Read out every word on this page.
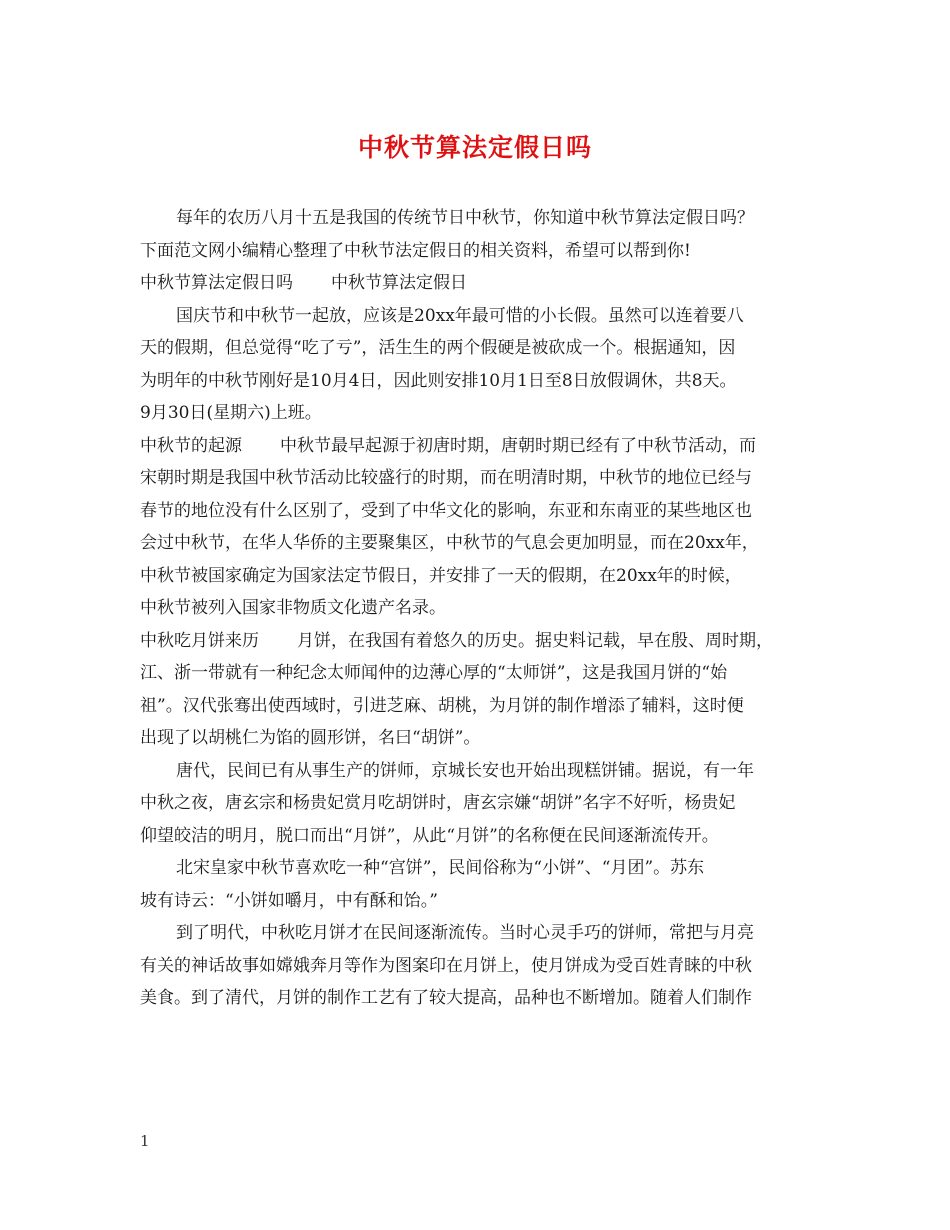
中秋节算法定假日吗
每年的农历八月十五是我国的传统节日中秋节，你知道中秋节算法定假日吗？
下面范文网小编精心整理了中秋节法定假日的相关资料，希望可以帮到你!
中秋节算法定假日吗 中秋节算法定假日
国庆节和中秋节一起放，应该是20xx年最可惜的小长假。虽然可以连着要八
天的假期，但总觉得“吃了亏”，活生生的两个假硬是被砍成一个。根据通知，因
为明年的中秋节刚好是10月4日，因此则安排10月1日至8日放假调休，共8天。
9月30日(星期六)上班。
中秋节的起源 中秋节最早起源于初唐时期，唐朝时期已经有了中秋节活动，而
宋朝时期是我国中秋节活动比较盛行的时期，而在明清时期，中秋节的地位已经与
春节的地位没有什么区别了，受到了中华文化的影响，东亚和东南亚的某些地区也
会过中秋节，在华人华侨的主要聚集区，中秋节的气息会更加明显，而在20xx年，
中秋节被国家确定为国家法定节假日，并安排了一天的假期，在20xx年的时候，
中秋节被列入国家非物质文化遗产名录。
中秋吃月饼来历 月饼，在我国有着悠久的历史。据史料记载，早在殷、周时期，
江、浙一带就有一种纪念太师闻仲的边薄心厚的“太师饼”，这是我国月饼的“始
祖”。汉代张骞出使西域时，引进芝麻、胡桃，为月饼的制作增添了辅料，这时便
出现了以胡桃仁为馅的圆形饼，名曰“胡饼”。
唐代，民间已有从事生产的饼师，京城长安也开始出现糕饼铺。据说，有一年
中秋之夜，唐玄宗和杨贵妃赏月吃胡饼时，唐玄宗嫌“胡饼”名字不好听，杨贵妃
仰望皎洁的明月，脱口而出“月饼”，从此“月饼”的名称便在民间逐渐流传开。
北宋皇家中秋节喜欢吃一种“宫饼”，民间俗称为“小饼”、“月团”。苏东
坡有诗云：“小饼如嚼月，中有酥和饴。”
到了明代，中秋吃月饼才在民间逐渐流传。当时心灵手巧的饼师，常把与月亮
有关的神话故事如嫦娥奔月等作为图案印在月饼上，使月饼成为受百姓青睐的中秋
美食。到了清代，月饼的制作工艺有了较大提高，品种也不断增加。随着人们制作
1
